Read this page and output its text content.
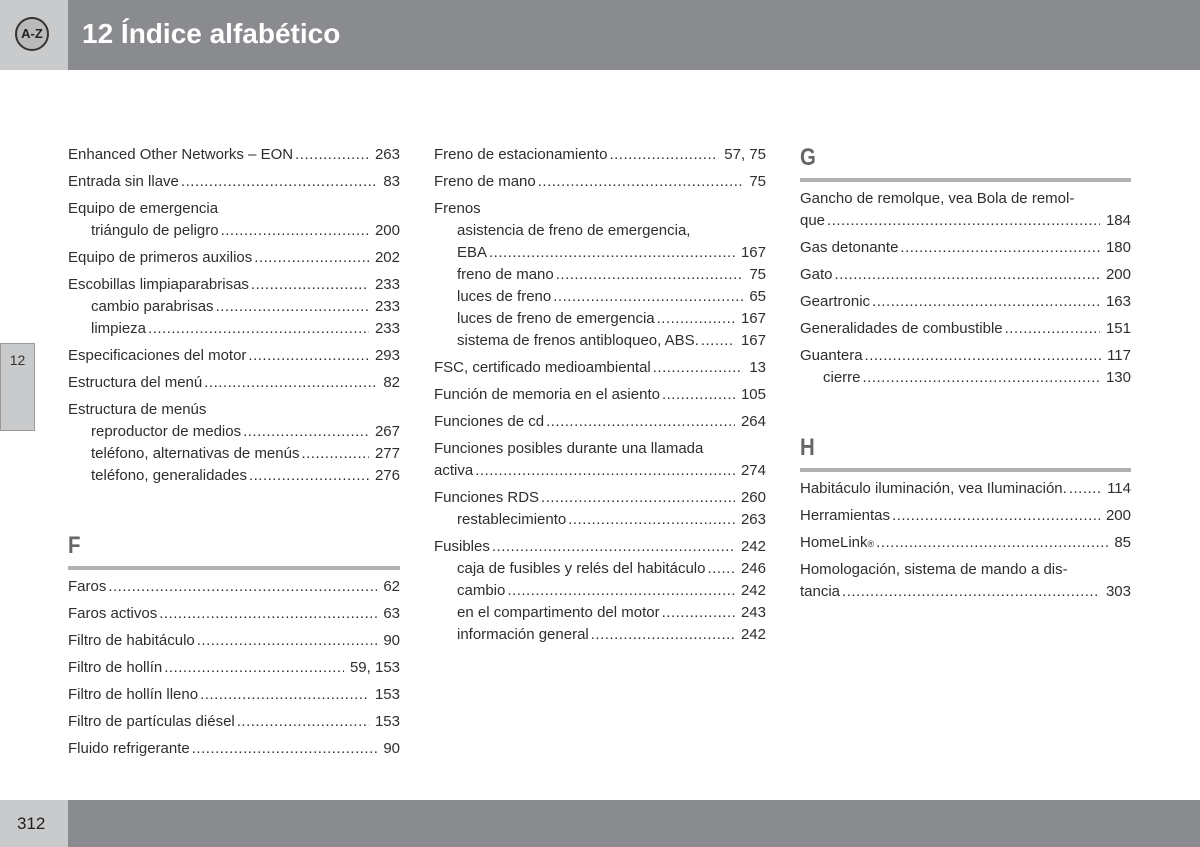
A-Z 12 Índice alfabético
12
Enhanced Other Networks – EON .....	263
Entrada sin llave .....	83
Equipo de emergencia
triángulo de peligro .....	200
Equipo de primeros auxilios .....	202
Escobillas limpiaparabrisas .....	233
cambio parabrisas .....	233
limpieza .....	233
Especificaciones del motor .....	293
Estructura del menú .....	82
Estructura de menús
reproductor de medios .....	267
teléfono, alternativas de menús .....	277
teléfono, generalidades .....	276
F
Faros .....	62
Faros activos .....	63
Filtro de habitáculo .....	90
Filtro de hollín .....	59, 153
Filtro de hollín lleno .....	153
Filtro de partículas diésel .....	153
Fluido refrigerante .....	90
Freno de estacionamiento .....	57, 75
Freno de mano .....	75
Frenos
asistencia de freno de emergencia,
EBA .....	167
freno de mano .....	75
luces de freno .....	65
luces de freno de emergencia .....	167
sistema de frenos antibloqueo, ABS. .....	167
FSC, certificado medioambiental .....	13
Función de memoria en el asiento .....	105
Funciones de cd .....	264
Funciones posibles durante una llamada
activa .....	274
Funciones RDS .....	260
restablecimiento .....	263
Fusibles .....	242
caja de fusibles y relés del habitáculo ..... 246
cambio .....	242
en el compartimento del motor .....	243
información general .....	242
G
Gancho de remolque, vea Bola de remol-
que .....	184
Gas detonante .....	180
Gato .....	200
Geartronic .....	163
Generalidades de combustible .....	151
Guantera .....	117
cierre .....	130
H
Habitáculo iluminación, vea Iluminación. .....	114
Herramientas .....	200
HomeLink ® .....	85
Homologación, sistema de mando a dis-
tancia .....	303
312
